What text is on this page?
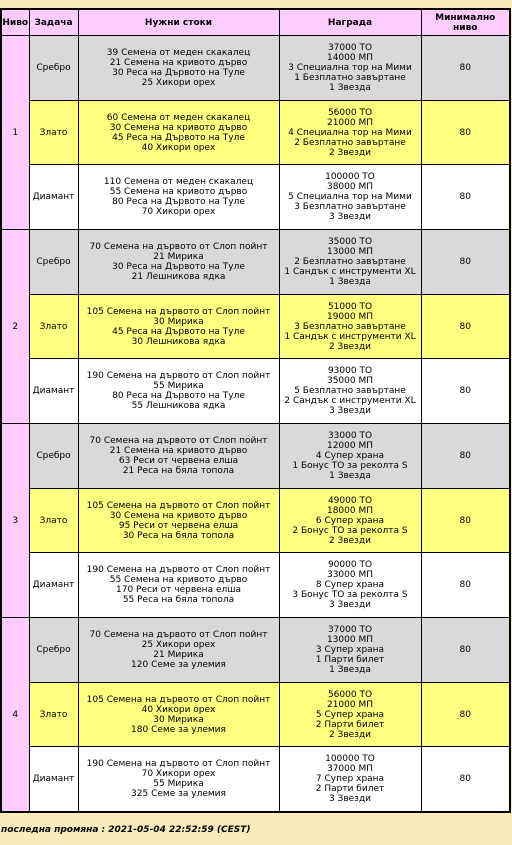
Ниво	Задача	Нужни стоки	Награда	Минимално ниво
1	Сребро	39 Семена от меден скакалец
21 Семена на кривото дърво
30 Реса на Дървото на Туле
25 Хикори орех	37000 ТО
14000 МП
3 Специална тор на Мими
1 Безплатно завъртане
1 Звезда	80
	Злато	60 Семена от меден скакалец
30 Семена на кривото дърво
45 Реса на Дървото на Туле
40 Хикори орех	56000 ТО
21000 МП
4 Специална тор на Мими
2 Безплатно завъртане
2 Звезди	80
	Диамант	110 Семена от меден скакалец
55 Семена на кривото дърво
80 Реса на Дървото на Туле
70 Хикори орех	100000 ТО
38000 МП
5 Специална тор на Мими
3 Безплатно завъртане
3 Звезди	80
2	Сребро	70 Семена на дървото от Слоп пойнт
21 Мирика
30 Реса на Дървото на Туле
21 Лешникова ядка	35000 ТО
13000 МП
2 Безплатно завъртане
1 Сандък с инструменти XL
1 Звезда	80
	Злато	105 Семена на дървото от Слоп пойнт
30 Мирика
45 Реса на Дървото на Туле
30 Лешникова ядка	51000 ТО
19000 МП
3 Безплатно завъртане
1 Сандък с инструменти XL
2 Звезди	80
	Диамант	190 Семена на дървото от Слоп пойнт
55 Мирика
80 Реса на Дървото на Туле
55 Лешникова ядка	93000 ТО
35000 МП
5 Безплатно завъртане
2 Сандък с инструменти XL
3 Звезди	80
3	Сребро	70 Семена на дървото от Слоп пойнт
21 Семена на кривото дърво
63 Реси от червена елша
21 Реса на бяла топола	33000 ТО
12000 МП
4 Супер храна
1 Бонус ТО за реколта S
1 Звезда	80
	Злато	105 Семена на дървото от Слоп пойнт
30 Семена на кривото дърво
95 Реси от червена елша
30 Реса на бяла топола	49000 ТО
18000 МП
6 Супер храна
2 Бонус ТО за реколта S
2 Звезди	80
	Диамант	190 Семена на дървото от Слоп пойнт
55 Семена на кривото дърво
170 Реси от червена елша
55 Реса на бяла топола	90000 ТО
33000 МП
8 Супер храна
3 Бонус ТО за реколта S
3 Звезди	80
4	Сребро	70 Семена на дървото от Слоп пойнт
25 Хикори орех
21 Мирика
120 Семе за улемия	37000 ТО
13000 МП
3 Супер храна
1 Парти билет
1 Звезда	80
	Злато	105 Семена на дървото от Слоп пойнт
40 Хикори орех
30 Мирика
180 Семе за улемия	56000 ТО
21000 МП
5 Супер храна
2 Парти билет
2 Звезди	80
	Диамант	190 Семена на дървото от Слоп пойнт
70 Хикори орех
55 Мирика
325 Семе за улемия	100000 ТО
37000 МП
7 Супер храна
2 Парти билет
3 Звезди	80
последна промяна : 2021-05-04 22:52:59 (CEST)
